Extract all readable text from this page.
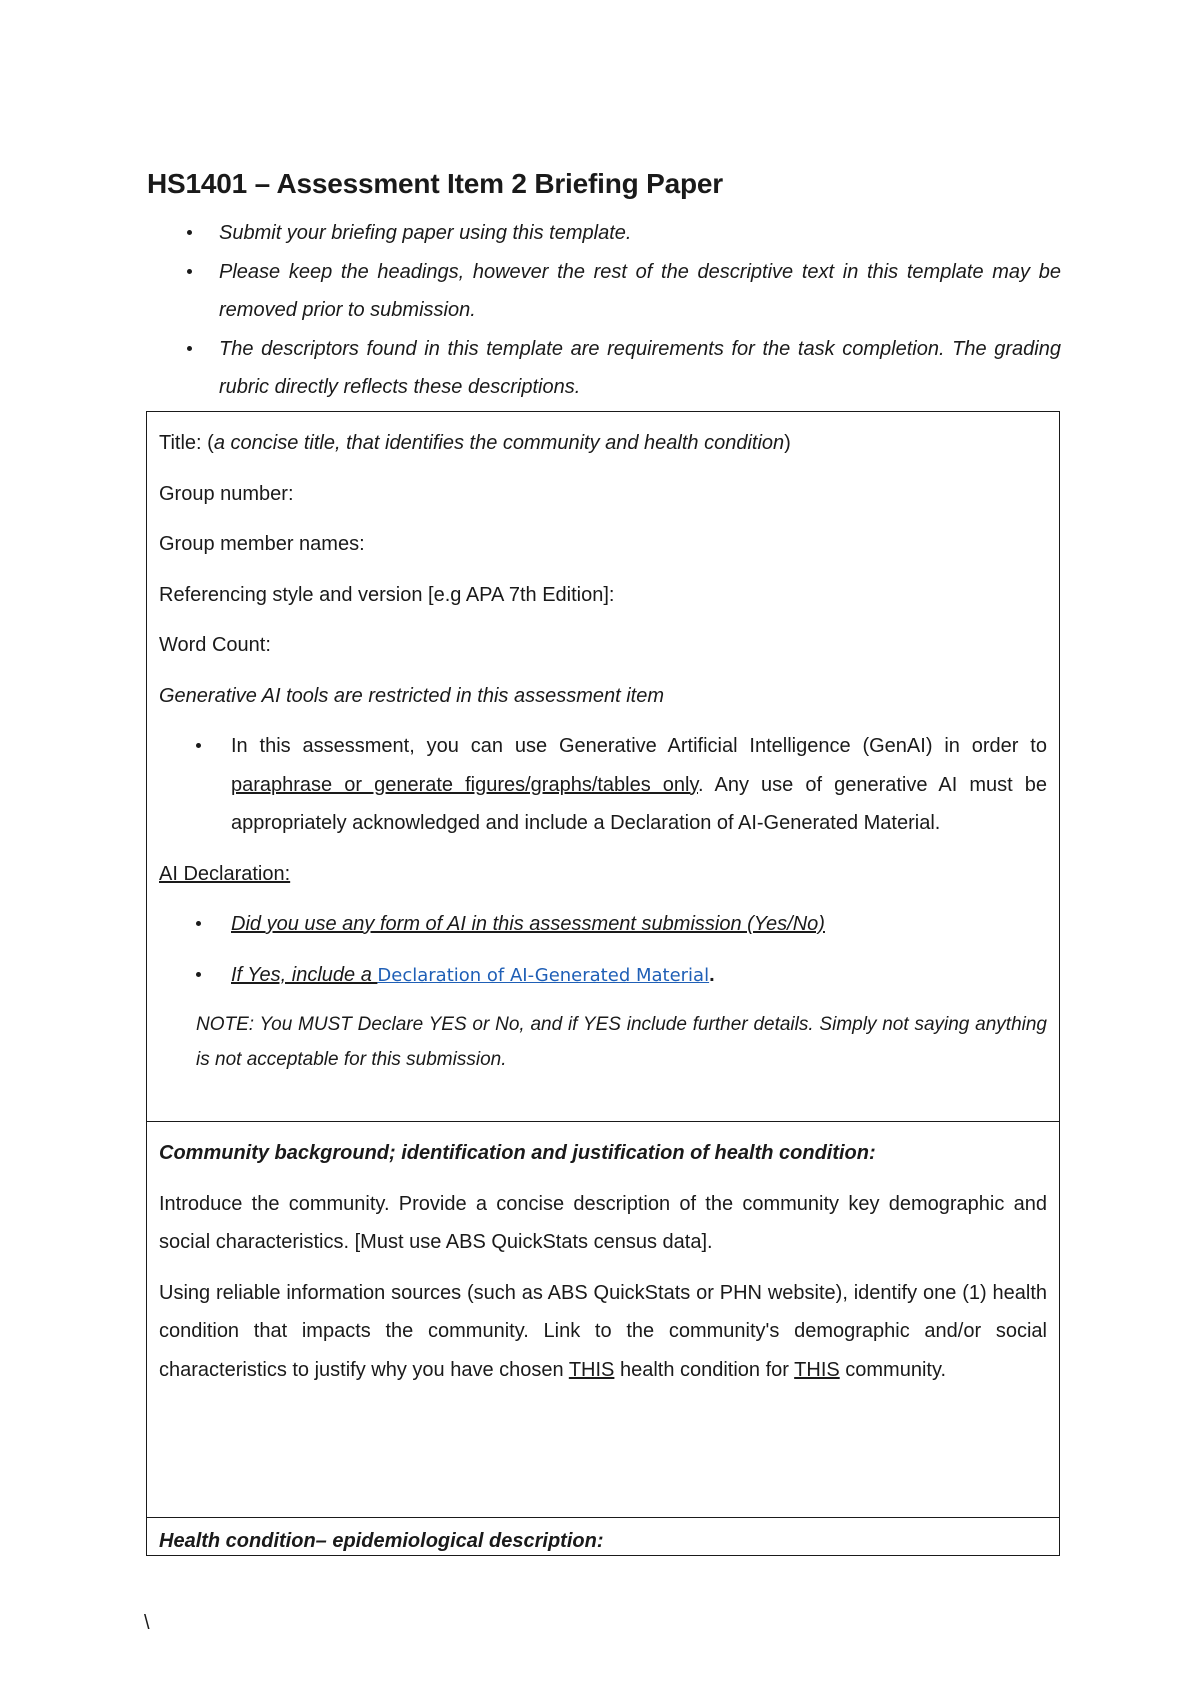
HS1401 – Assessment Item 2 Briefing Paper
Submit your briefing paper using this template.
Please keep the headings, however the rest of the descriptive text in this template may be removed prior to submission.
The descriptors found in this template are requirements for the task completion. The grading rubric directly reflects these descriptions.

Title: (a concise title, that identifies the community and health condition)

Group number:

Group member names:

Referencing style and version [e.g APA 7th Edition]:

Word Count:

Generative AI tools are restricted in this assessment item

In this assessment, you can use Generative Artificial Intelligence (GenAI) in order to paraphrase or generate figures/graphs/tables only. Any use of generative AI must be appropriately acknowledged and include a Declaration of AI-Generated Material.

AI Declaration:

Did you use any form of AI in this assessment submission (Yes/No)
If Yes, include a Declaration of AI-Generated Material.

NOTE: You MUST Declare YES or No, and if YES include further details. Simply not saying anything is not acceptable for this submission.

Community background; identification and justification of health condition:

Introduce the community. Provide a concise description of the community key demographic and social characteristics. [Must use ABS QuickStats census data].

Using reliable information sources (such as ABS QuickStats or PHN website), identify one (1) health condition that impacts the community. Link to the community's demographic and/or social characteristics to justify why you have chosen THIS health condition for THIS community.

Health condition– epidemiological description:

\
